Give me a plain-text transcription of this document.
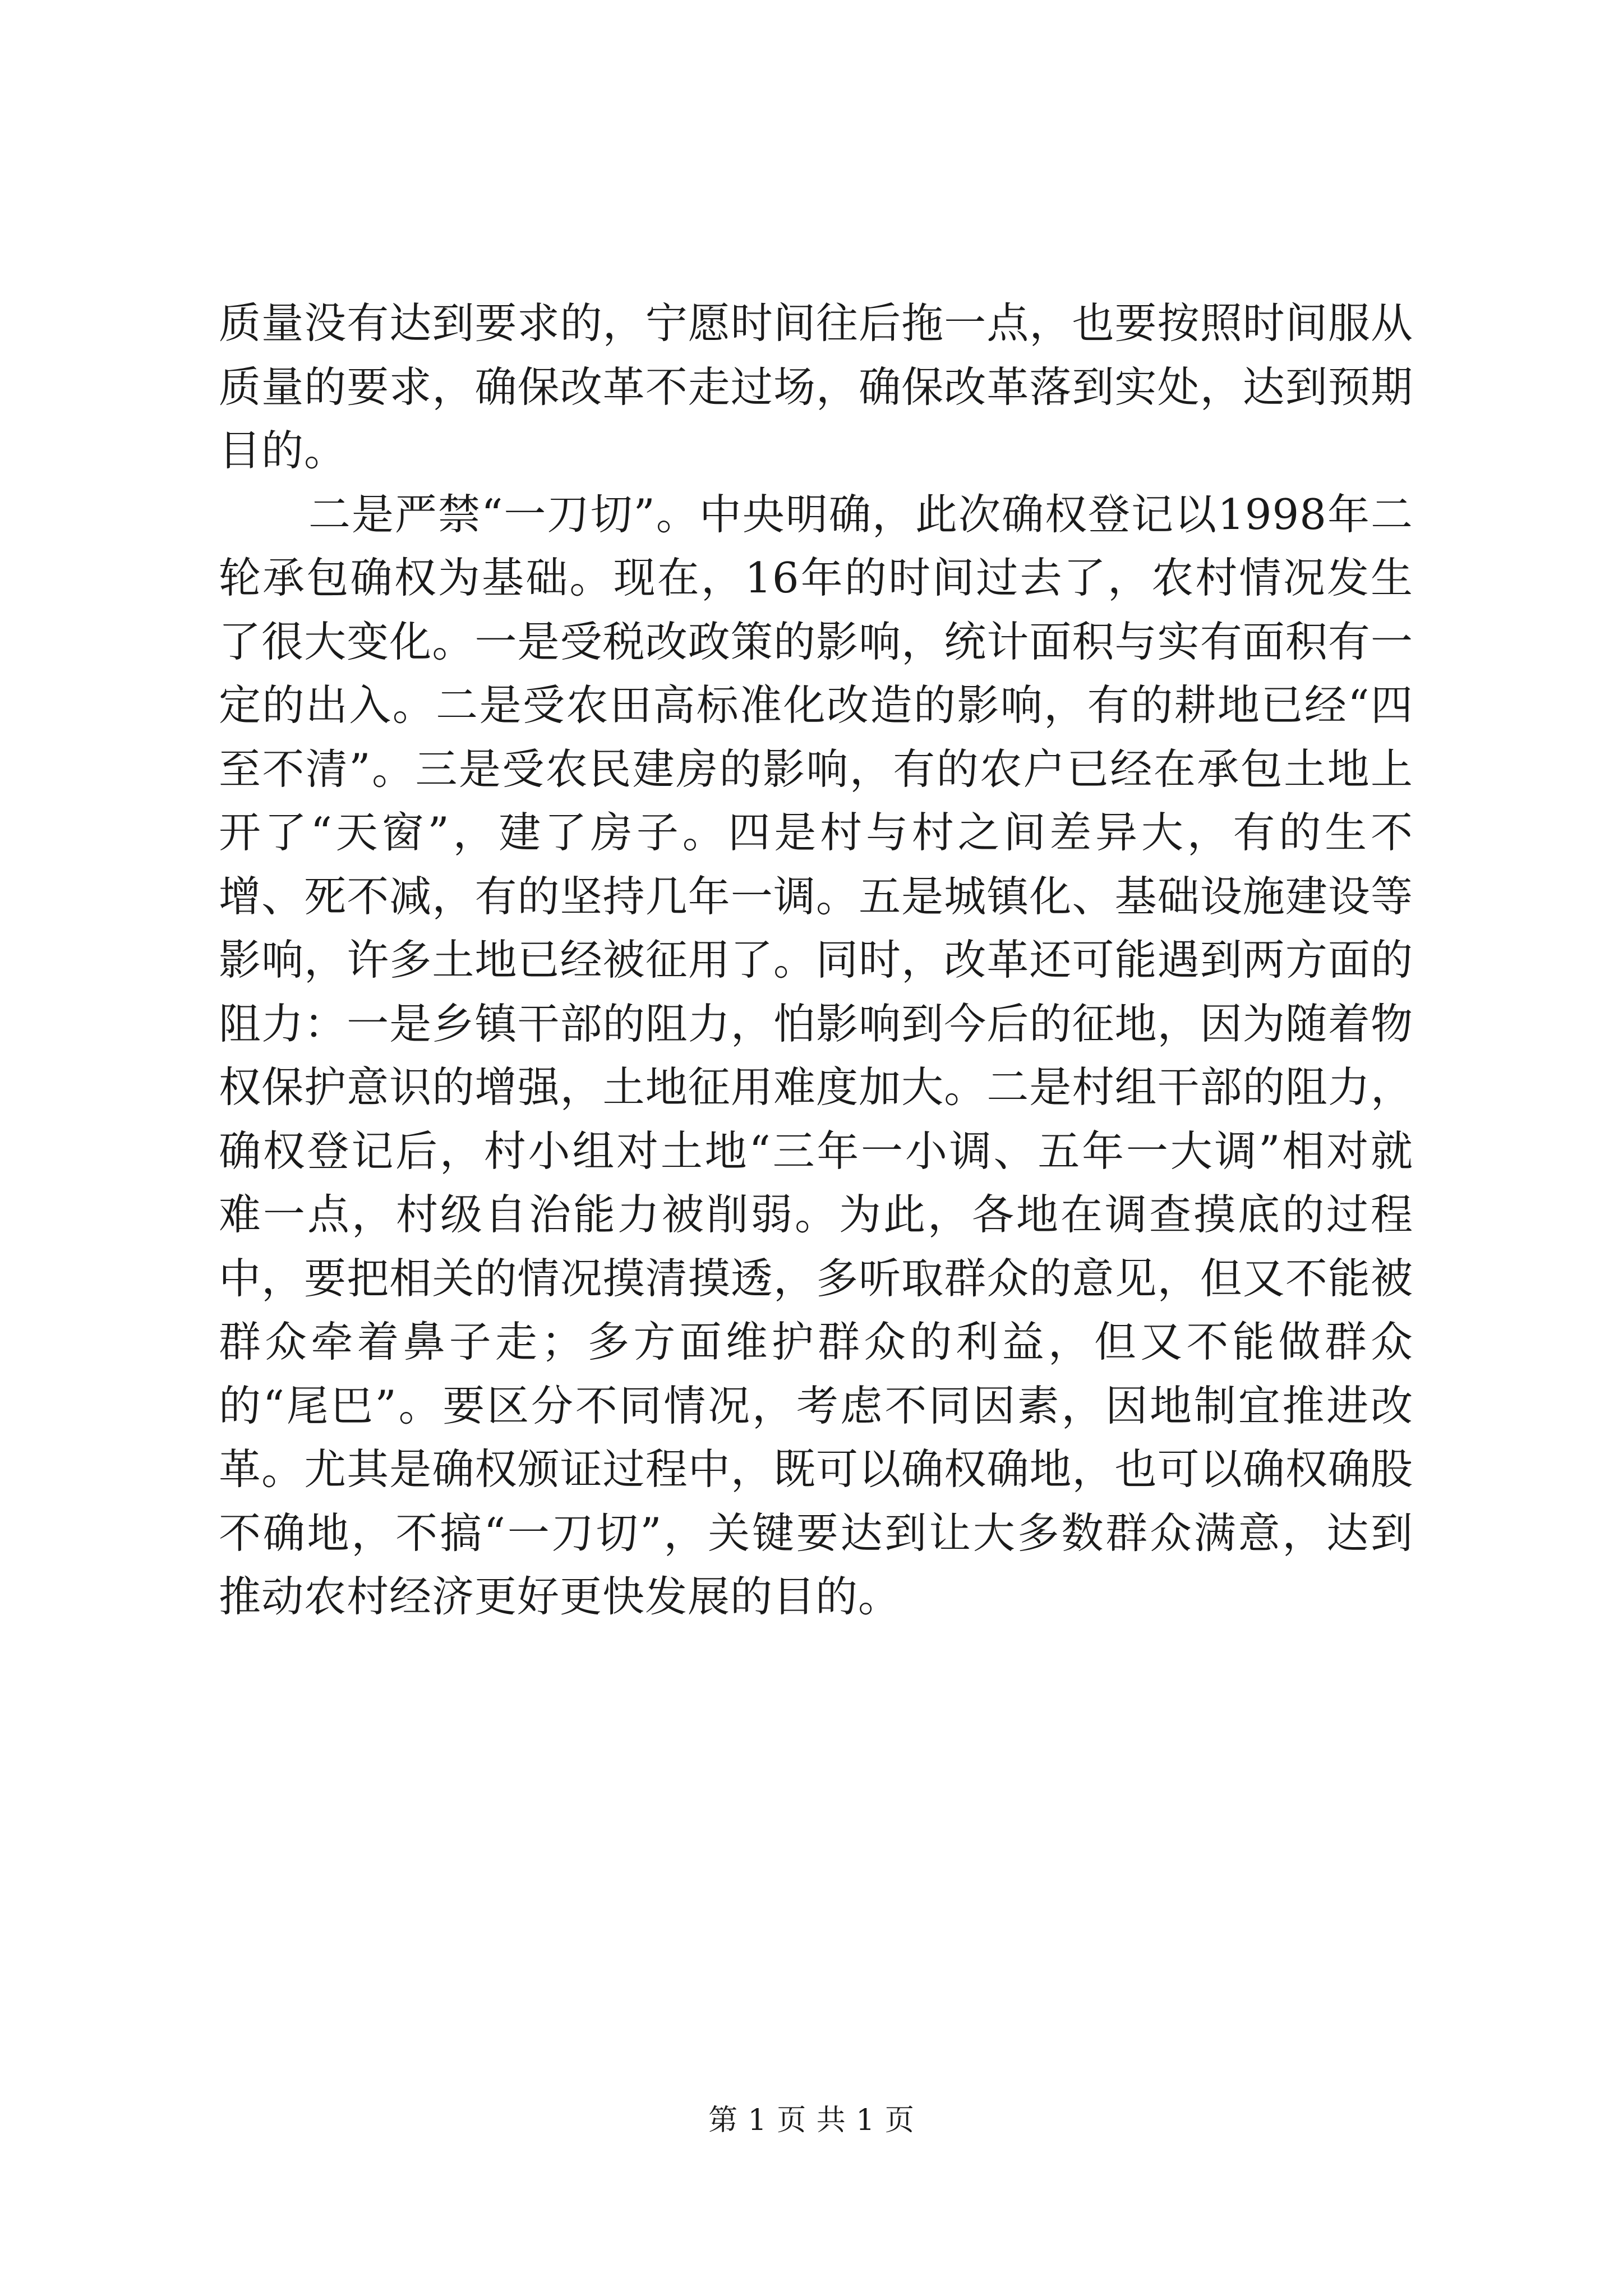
质量没有达到要求的，宁愿时间往后拖一点，也要按照时间服从质量的要求，确保改革不走过场，确保改革落到实处，达到预期目的。

二是严禁“一刀切”。中央明确，此次确权登记以1998年二轮承包确权为基础。现在，16年的时间过去了，农村情况发生了很大变化。一是受税改政策的影响，统计面积与实有面积有一定的出入。二是受农田高标准化改造的影响，有的耕地已经“四至不清”。三是受农民建房的影响，有的农户已经在承包土地上开了“天窗”，建了房子。四是村与村之间差异大，有的生不增、死不减，有的坚持几年一调。五是城镇化、基础设施建设等影响，许多土地已经被征用了。同时，改革还可能遇到两方面的阻力：一是乡镇干部的阻力，怕影响到今后的征地，因为随着物权保护意识的增强，土地征用难度加大。二是村组干部的阻力，确权登记后，村小组对土地“三年一小调、五年一大调”相对就难一点，村级自治能力被削弱。为此，各地在调查摸底的过程中，要把相关的情况摸清摸透，多听取群众的意见，但又不能被群众牵着鼻子走；多方面维护群众的利益，但又不能做群众的“尾巴”。要区分不同情况，考虑不同因素，因地制宜推进改革。尤其是确权颁证过程中，既可以确权确地，也可以确权确股不确地，不搞“一刀切”，关键要达到让大多数群众满意，达到推动农村经济更好更快发展的目的。

第 1 页 共 1 页
